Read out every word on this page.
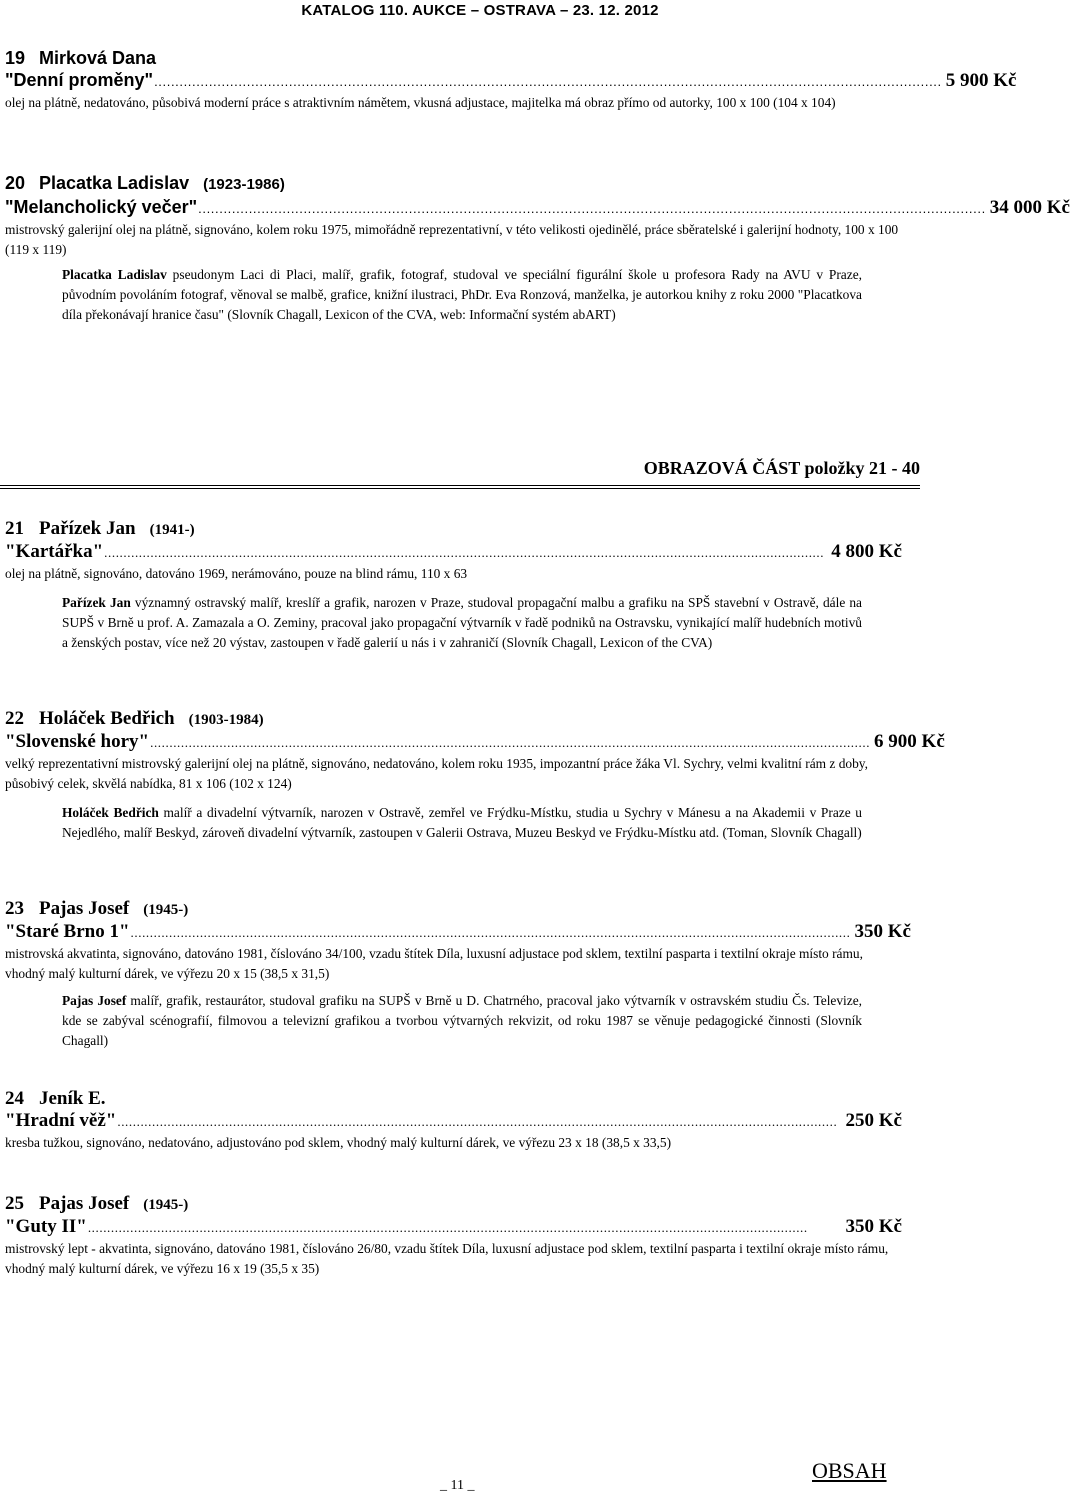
KATALOG 110. AUKCE – OSTRAVA – 23. 12. 2012
19 Mirková Dana
"Denní proměny" ........................................................................................................................................................................................... 5 900 Kč
olej na plátně, nedatováno, působivá moderní práce s atraktivním námětem, vkusná adjustace, majitelka má obraz přímo od autorky, 100 x 100 (104 x 104)
20 Placatka Ladislav (1923-1986)
"Melancholický večer" ........................................................................................................................................................................................... 34 000 Kč
mistrovský galerijní olej na plátně, signováno, kolem roku 1975, mimořádně reprezentativní, v této velikosti ojedinělé, práce sběratelské i galerijní hodnoty, 100 x 100 (119 x 119)
Placatka Ladislav pseudonym Laci di Placi, malíř, grafik, fotograf, studoval ve speciální figurální škole u profesora Rady na AVU v Praze, původním povoláním fotograf, věnoval se malbě, grafice, knižní ilustraci, PhDr. Eva Ronzová, manželka, je autorkou knihy z roku 2000 "Placatkova díla překonávají hranice času" (Slovník Chagall, Lexicon of the CVA, web: Informační systém abART)
OBRAZOVÁ ČÁST položky 21 - 40
21 Pařízek Jan (1941-)
"Kartářka" ........................................................................................................................................................................................... 4 800 Kč
olej na plátně, signováno, datováno 1969, nerámováno, pouze na blind rámu, 110 x 63
Pařízek Jan významný ostravský malíř, kreslíř a grafik, narozen v Praze, studoval propagační malbu a grafiku na SPŠ stavební v Ostravě, dále na SUPŠ v Brně u prof. A. Zamazala a O. Zeminy, pracoval jako propagační výtvarník v řadě podniků na Ostravsku, vynikající malíř hudebních motivů a ženských postav, více než 20 výstav, zastoupen v řadě galerií u nás i v zahraničí (Slovník Chagall, Lexicon of the CVA)
22 Holáček Bedřich (1903-1984)
"Slovenské hory" ........................................................................................................................................................................................... 6 900 Kč
velký reprezentativní mistrovský galerijní olej na plátně, signováno, nedatováno, kolem roku 1935, impozantní práce žáka Vl. Sychry, velmi kvalitní rám z doby, působivý celek, skvělá nabídka, 81 x 106 (102 x 124)
Holáček Bedřich malíř a divadelní výtvarník, narozen v Ostravě, zemřel ve Frýdku-Místku, studia u Sychry v Mánesu a na Akademii v Praze u Nejedlého, malíř Beskyd, zároveň divadelní výtvarník, zastoupen v Galerii Ostrava, Muzeu Beskyd ve Frýdku-Místku atd. (Toman, Slovník Chagall)
23 Pajas Josef (1945-)
"Staré Brno 1" ........................................................................................................................................................................................... 350 Kč
mistrovská akvatinta, signováno, datováno 1981, číslováno 34/100, vzadu štítek Díla, luxusní adjustace pod sklem, textilní pasparta i textilní okraje místo rámu, vhodný malý kulturní dárek, ve výřezu 20 x 15 (38,5 x 31,5)
Pajas Josef malíř, grafik, restaurátor, studoval grafiku na SUPŠ v Brně u D. Chatrného, pracoval jako výtvarník v ostravském studiu Čs. Televize, kde se zabýval scénografií, filmovou a televizní grafikou a tvorbou výtvarných rekvizit, od roku 1987 se věnuje pedagogické činnosti (Slovník Chagall)
24 Jeník E.
"Hradní věž" ........................................................................................................................................................................................... 250 Kč
kresba tužkou, signováno, nedatováno, adjustováno pod sklem, vhodný malý kulturní dárek, ve výřezu 23 x 18 (38,5 x 33,5)
25 Pajas Josef (1945-)
"Guty II" ...........................................................................................................................................................................................	350 Kč
mistrovský lept - akvatinta, signováno, datováno 1981, číslováno 26/80, vzadu štítek Díla, luxusní adjustace pod sklem, textilní pasparta i textilní okraje místo rámu, vhodný malý kulturní dárek, ve výřezu 16 x 19 (35,5 x 35)
OBSAH
_ 11 _
